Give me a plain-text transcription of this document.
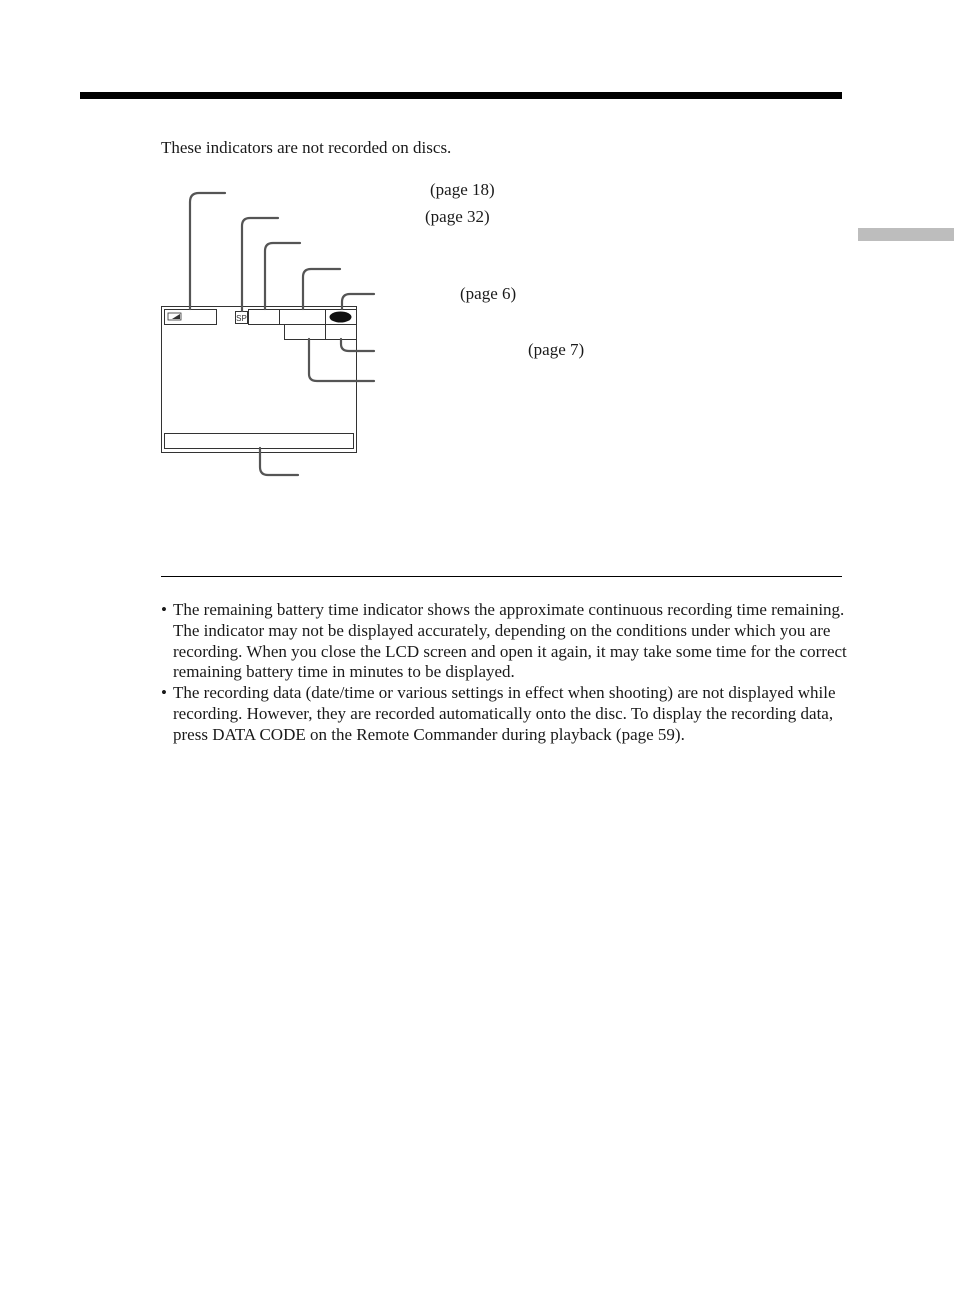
These indicators are not recorded on discs.
SP
(page 18)
(page 32)
(page 6)
(page 7)
• The remaining battery time indicator shows the approximate continuous recording time remaining. The indicator may not be displayed accurately, depending on the conditions under which you are recording. When you close the LCD screen and open it again, it may take some time for the correct remaining battery time in minutes to be displayed.
• The recording data (date/time or various settings in effect when shooting) are not displayed while recording. However, they are recorded automatically onto the disc. To display the recording data, press DATA CODE on the Remote Commander during playback (page 59).
